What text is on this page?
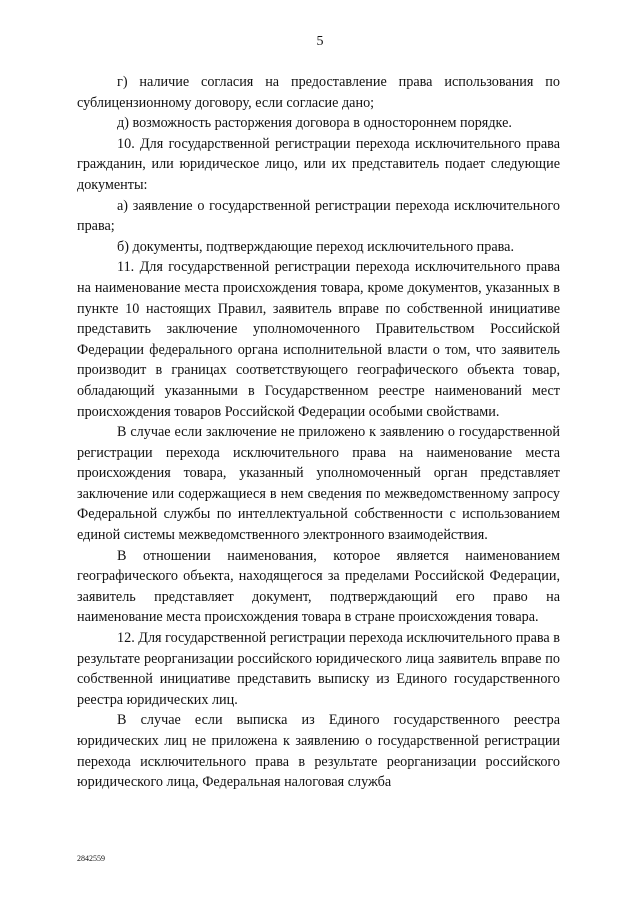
5

г) наличие согласия на предоставление права использования по сублицензионному договору, если согласие дано;

д) возможность расторжения договора в одностороннем порядке.

10. Для государственной регистрации перехода исключительного права гражданин, или юридическое лицо, или их представитель подает следующие документы:

а) заявление о государственной регистрации перехода исключительного права;

б) документы, подтверждающие переход исключительного права.

11. Для государственной регистрации перехода исключительного права на наименование места происхождения товара, кроме документов, указанных в пункте 10 настоящих Правил, заявитель вправе по собственной инициативе представить заключение уполномоченного Правительством Российской Федерации федерального органа исполнительной власти о том, что заявитель производит в границах соответствующего географического объекта товар, обладающий указанными в Государственном реестре наименований мест происхождения товаров Российской Федерации особыми свойствами.

В случае если заключение не приложено к заявлению о государственной регистрации перехода исключительного права на наименование места происхождения товара, указанный уполномоченный орган представляет заключение или содержащиеся в нем сведения по межведомственному запросу Федеральной службы по интеллектуальной собственности с использованием единой системы межведомственного электронного взаимодействия.

В отношении наименования, которое является наименованием географического объекта, находящегося за пределами Российской Федерации, заявитель представляет документ, подтверждающий его право на наименование места происхождения товара в стране происхождения товара.

12. Для государственной регистрации перехода исключительного права в результате реорганизации российского юридического лица заявитель вправе по собственной инициативе представить выписку из Единого государственного реестра юридических лиц.

В случае если выписка из Единого государственного реестра юридических лиц не приложена к заявлению о государственной регистрации перехода исключительного права в результате реорганизации российского юридического лица, Федеральная налоговая служба

2842559
